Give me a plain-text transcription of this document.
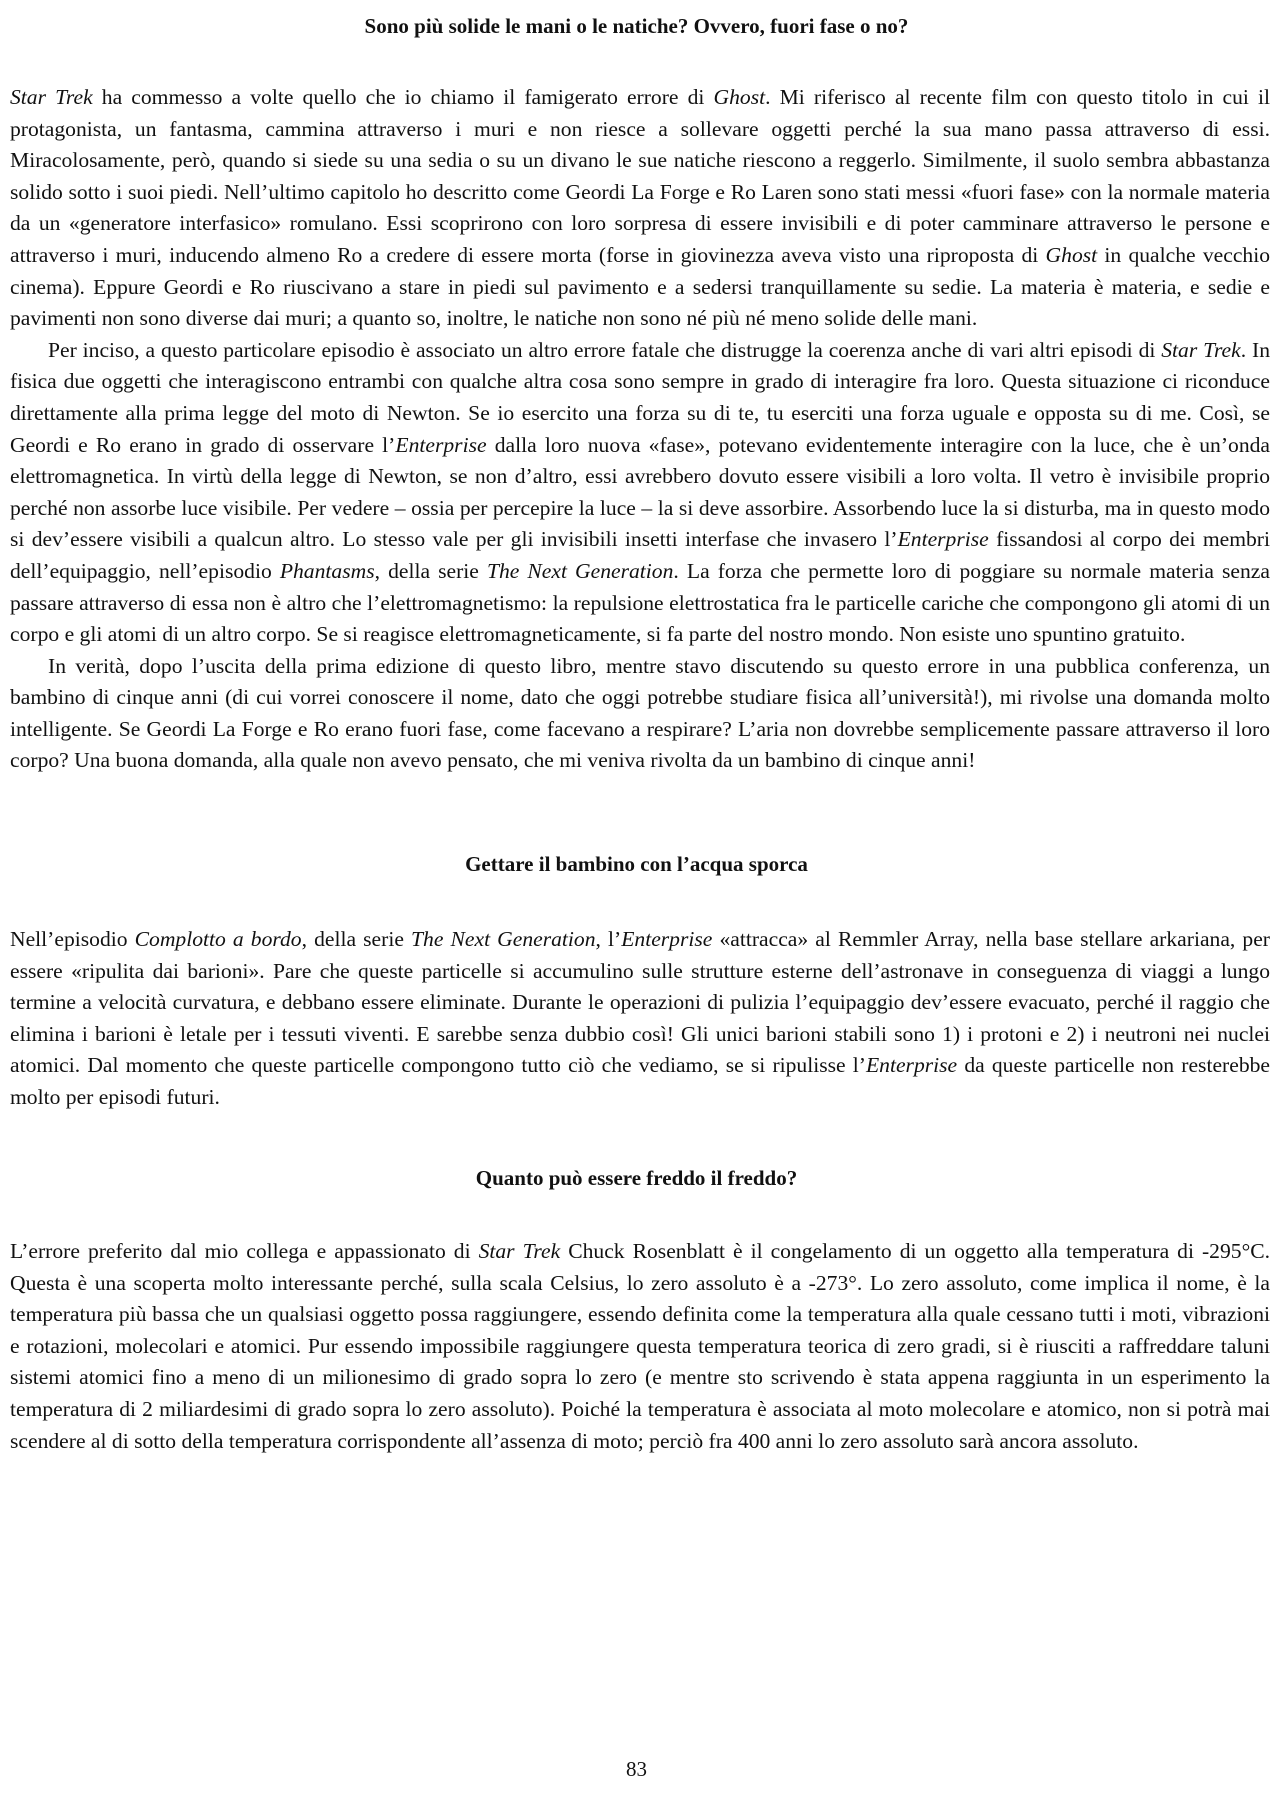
Sono più solide le mani o le natiche? Ovvero, fuori fase o no?

Star Trek ha commesso a volte quello che io chiamo il famigerato errore di Ghost. Mi riferisco al recente film con questo titolo in cui il protagonista, un fantasma, cammina attraverso i muri e non riesce a sollevare oggetti perché la sua mano passa attraverso di essi. Miracolosamente, però, quando si siede su una sedia o su un divano le sue natiche riescono a reggerlo. Similmente, il suolo sembra abbastanza solido sotto i suoi piedi. Nell’ultimo capitolo ho descritto come Geordi La Forge e Ro Laren sono stati messi «fuori fase» con la normale materia da un «generatore interfasico» romulano. Essi scoprirono con loro sorpresa di essere invisibili e di poter camminare attraverso le persone e attraverso i muri, inducendo almeno Ro a credere di essere morta (forse in giovinezza aveva visto una riproposta di Ghost in qualche vecchio cinema). Eppure Geordi e Ro riuscivano a stare in piedi sul pavimento e a sedersi tranquillamente su sedie. La materia è materia, e sedie e pavimenti non sono diverse dai muri; a quanto so, inoltre, le natiche non sono né più né meno solide delle mani.

Per inciso, a questo particolare episodio è associato un altro errore fatale che distrugge la coerenza anche di vari altri episodi di Star Trek. In fisica due oggetti che interagiscono entrambi con qualche altra cosa sono sempre in grado di interagire fra loro. Questa situazione ci riconduce direttamente alla prima legge del moto di Newton. Se io esercito una forza su di te, tu eserciti una forza uguale e opposta su di me. Così, se Geordi e Ro erano in grado di osservare l’Enterprise dalla loro nuova «fase», potevano evidentemente interagire con la luce, che è un’onda elettromagnetica. In virtù della legge di Newton, se non d’altro, essi avrebbero dovuto essere visibili a loro volta. Il vetro è invisibile proprio perché non assorbe luce visibile. Per vedere – ossia per percepire la luce – la si deve assorbire. Assorbendo luce la si disturba, ma in questo modo si dev’essere visibili a qualcun altro. Lo stesso vale per gli invisibili insetti interfase che invasero l’Enterprise fissandosi al corpo dei membri dell’equipaggio, nell’episodio Phantasms, della serie The Next Generation. La forza che permette loro di poggiare su normale materia senza passare attraverso di essa non è altro che l’elettromagnetismo: la repulsione elettrostatica fra le particelle cariche che compongono gli atomi di un corpo e gli atomi di un altro corpo. Se si reagisce elettromagneticamente, si fa parte del nostro mondo. Non esiste uno spuntino gratuito.

In verità, dopo l’uscita della prima edizione di questo libro, mentre stavo discutendo su questo errore in una pubblica conferenza, un bambino di cinque anni (di cui vorrei conoscere il nome, dato che oggi potrebbe studiare fisica all’università!), mi rivolse una domanda molto intelligente. Se Geordi La Forge e Ro erano fuori fase, come facevano a respirare? L’aria non dovrebbe semplicemente passare attraverso il loro corpo? Una buona domanda, alla quale non avevo pensato, che mi veniva rivolta da un bambino di cinque anni!

Gettare il bambino con l’acqua sporca

Nell’episodio Complotto a bordo, della serie The Next Generation, l’Enterprise «attracca» al Remmler Array, nella base stellare arkariana, per essere «ripulita dai barioni». Pare che queste particelle si accumulino sulle strutture esterne dell’astronave in conseguenza di viaggi a lungo termine a velocità curvatura, e debbano essere eliminate. Durante le operazioni di pulizia l’equipaggio dev’essere evacuato, perché il raggio che elimina i barioni è letale per i tessuti viventi. E sarebbe senza dubbio così! Gli unici barioni stabili sono 1) i protoni e 2) i neutroni nei nuclei atomici. Dal momento che queste particelle compongono tutto ciò che vediamo, se si ripulisse l’Enterprise da queste particelle non resterebbe molto per episodi futuri.

Quanto può essere freddo il freddo?

L’errore preferito dal mio collega e appassionato di Star Trek Chuck Rosenblatt è il congelamento di un oggetto alla temperatura di -295°C. Questa è una scoperta molto interessante perché, sulla scala Celsius, lo zero assoluto è a -273°. Lo zero assoluto, come implica il nome, è la temperatura più bassa che un qualsiasi oggetto possa raggiungere, essendo definita come la temperatura alla quale cessano tutti i moti, vibrazioni e rotazioni, molecolari e atomici. Pur essendo impossibile raggiungere questa temperatura teorica di zero gradi, si è riusciti a raffreddare taluni sistemi atomici fino a meno di un milionesimo di grado sopra lo zero (e mentre sto scrivendo è stata appena raggiunta in un esperimento la temperatura di 2 miliardesimi di grado sopra lo zero assoluto). Poiché la temperatura è associata al moto molecolare e atomico, non si potrà mai scendere al di sotto della temperatura corrispondente all’assenza di moto; perciò fra 400 anni lo zero assoluto sarà ancora assoluto.

83
